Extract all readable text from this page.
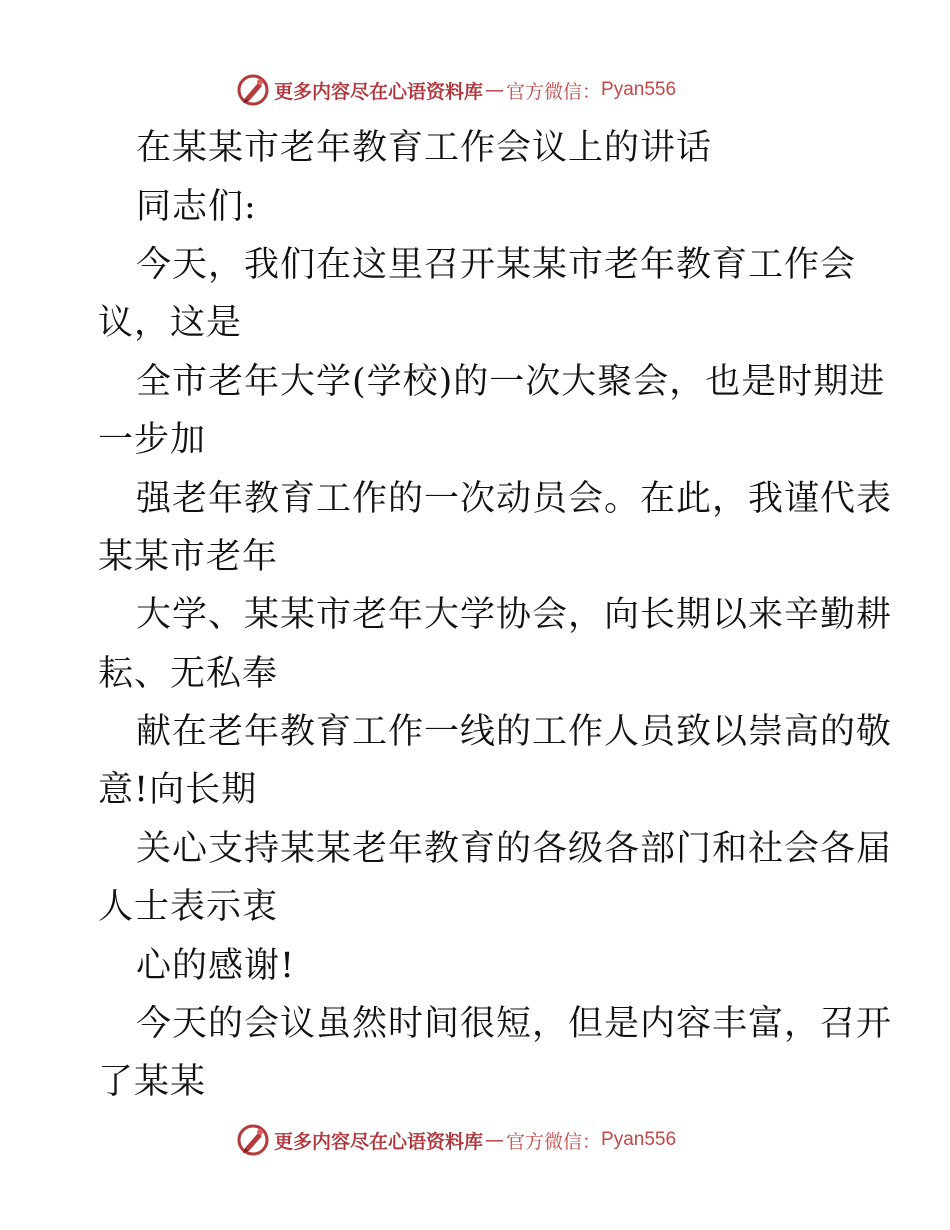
更多内容尽在心语资料库 — 官方微信： Pyan556
在某某市老年教育工作会议上的讲话
同志们:
今天，我们在这里召开某某市老年教育工作会
议，这是
全市老年大学(学校)的一次大聚会，也是时期进
一步加
强老年教育工作的一次动员会。在此，我谨代表
某某市老年
大学、某某市老年大学协会，向长期以来辛勤耕
耘、无私奉
献在老年教育工作一线的工作人员致以崇高的敬
意!向长期
关心支持某某老年教育的各级各部门和社会各届
人士表示衷
心的感谢!
今天的会议虽然时间很短，但是内容丰富，召开
了某某
更多内容尽在心语资料库 — 官方微信： Pyan556
